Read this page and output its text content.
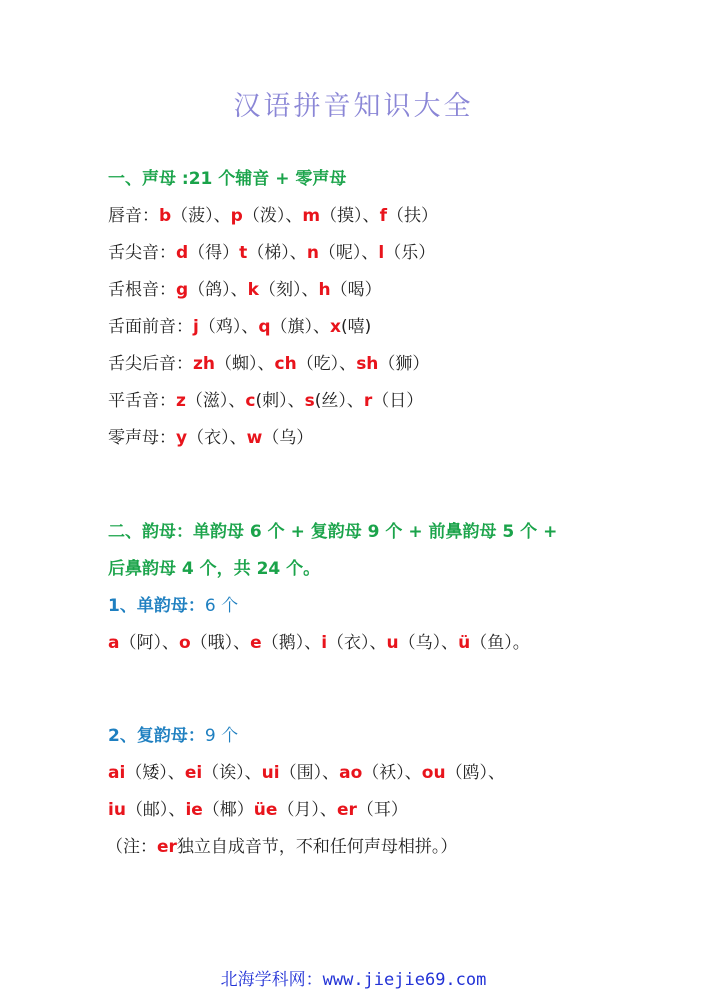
汉语拼音知识大全
一、声母 :21 个辅音 + 零声母
唇音：b（菠）、p（泼）、m（摸）、f（扶）
舌尖音：d（得）t（梯）、n（呢）、l（乐）
舌根音：g（鸽）、k（刻）、h（喝）
舌面前音：j（鸡）、q（旗）、x(嘻)
舌尖后音：zh（蜘）、ch（吃）、sh（狮）
平舌音：z（滋）、c(刺）、s(丝）、r（日）
零声母：y（衣）、w（乌）
二、韵母：单韵母 6 个 + 复韵母 9 个 + 前鼻韵母 5 个 +
后鼻韵母 4 个，共 24 个。
1、单韵母：6 个
a（阿）、o（哦）、e（鹅）、i（衣）、u（乌）、ü（鱼）。
2、复韵母：9 个
ai（矮）、ei（诶）、ui（围）、ao（袄）、ou（鸥）、
iu（邮）、ie（椰）üe（月）、er（耳）
（注：er独立自成音节，不和任何声母相拼。）
北海学科网：www.jiejie69.com
